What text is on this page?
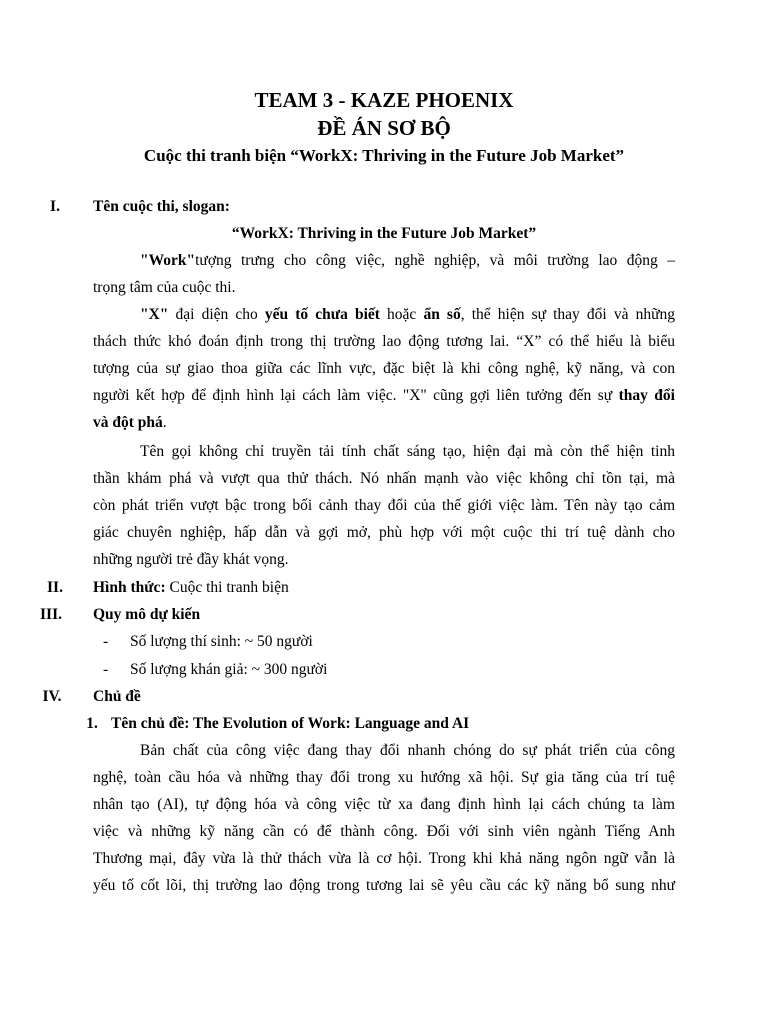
TEAM 3 - KAZE PHOENIX
ĐỀ ÁN SƠ BỘ
Cuộc thi tranh biện “WorkX: Thriving in the Future Job Market”
I.	Tên cuộc thi, slogan:
“WorkX: Thriving in the Future Job Market”
"Work"tượng trưng cho công việc, nghề nghiệp, và môi trường lao động –
trọng tâm của cuộc thi.
"X" đại diện cho yếu tố chưa biết hoặc ẩn số, thể hiện sự thay đổi và những
thách thức khó đoán định trong thị trường lao động tương lai. “X” có thể hiểu là biểu
tượng của sự giao thoa giữa các lĩnh vực, đặc biệt là khi công nghệ, kỹ năng, và con
người kết hợp để định hình lại cách làm việc. "X" cũng gợi liên tưởng đến sự thay đổi
và đột phá.
Tên gọi không chỉ truyền tải tính chất sáng tạo, hiện đại mà còn thể hiện tinh
thần khám phá và vượt qua thử thách. Nó nhấn mạnh vào việc không chỉ tồn tại, mà
còn phát triển vượt bậc trong bối cảnh thay đổi của thế giới việc làm. Tên này tạo cảm
giác chuyên nghiệp, hấp dẫn và gợi mở, phù hợp với một cuộc thi trí tuệ dành cho
những người trẻ đầy khát vọng.
II.	Hình thức: Cuộc thi tranh biện
III. Quy mô dự kiến
- Số lượng thí sinh: ~ 50 người
- Số lượng khán giả: ~ 300 người
IV.	Chủ đề
1. Tên chủ đề: The Evolution of Work: Language and AI
Bản chất của công việc đang thay đổi nhanh chóng do sự phát triển của công
nghệ, toàn cầu hóa và những thay đổi trong xu hướng xã hội. Sự gia tăng của trí tuệ
nhân tạo (AI), tự động hóa và công việc từ xa đang định hình lại cách chúng ta làm
việc và những kỹ năng cần có để thành công. Đối với sinh viên ngành Tiếng Anh
Thương mại, đây vừa là thử thách vừa là cơ hội. Trong khi khả năng ngôn ngữ vẫn là
yếu tố cốt lõi, thị trường lao động trong tương lai sẽ yêu cầu các kỹ năng bổ sung như
